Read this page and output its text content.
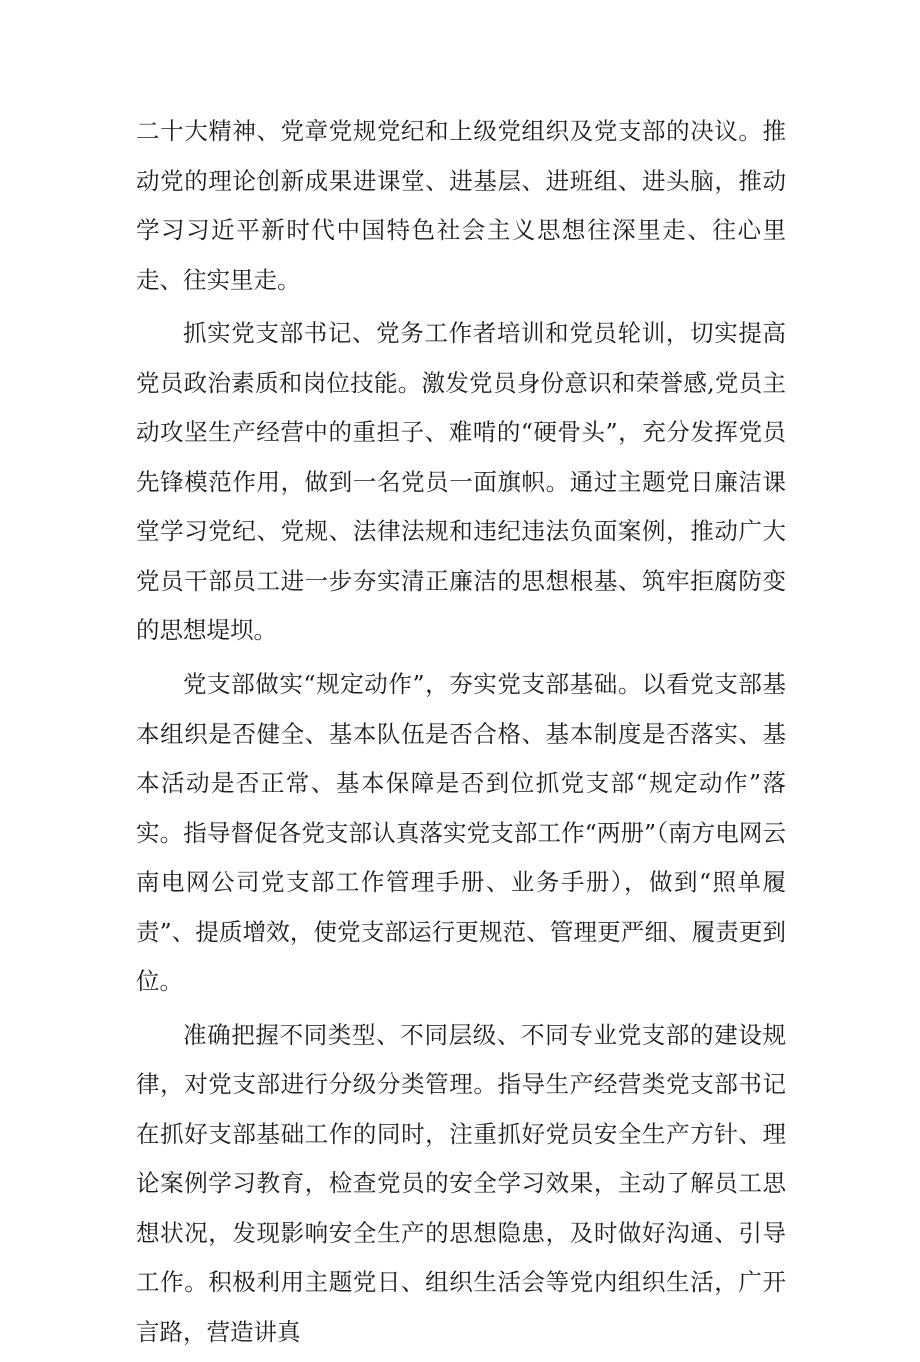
二十大精神、党章党规党纪和上级党组织及党支部的决议。推动党的理论创新成果进课堂、进基层、进班组、进头脑，推动学习习近平新时代中国特色社会主义思想往深里走、往心里走、往实里走。

抓实党支部书记、党务工作者培训和党员轮训，切实提高党员政治素质和岗位技能。激发党员身份意识和荣誉感,党员主动攻坚生产经营中的重担子、难啃的“硬骨头”，充分发挥党员先锋模范作用，做到一名党员一面旗帜。通过主题党日廉洁课堂学习党纪、党规、法律法规和违纪违法负面案例，推动广大党员干部员工进一步夯实清正廉洁的思想根基、筑牢拒腐防变的思想堤坝。

党支部做实“规定动作”，夯实党支部基础。以看党支部基本组织是否健全、基本队伍是否合格、基本制度是否落实、基本活动是否正常、基本保障是否到位抓党支部“规定动作”落实。指导督促各党支部认真落实党支部工作“两册”（南方电网云南电网公司党支部工作管理手册、业务手册），做到“照单履责”、提质增效，使党支部运行更规范、管理更严细、履责更到位。

准确把握不同类型、不同层级、不同专业党支部的建设规律，对党支部进行分级分类管理。指导生产经营类党支部书记在抓好支部基础工作的同时，注重抓好党员安全生产方针、理论案例学习教育，检查党员的安全学习效果，主动了解员工思想状况，发现影响安全生产的思想隐患，及时做好沟通、引导工作。积极利用主题党日、组织生活会等党内组织生活，广开言路，营造讲真
